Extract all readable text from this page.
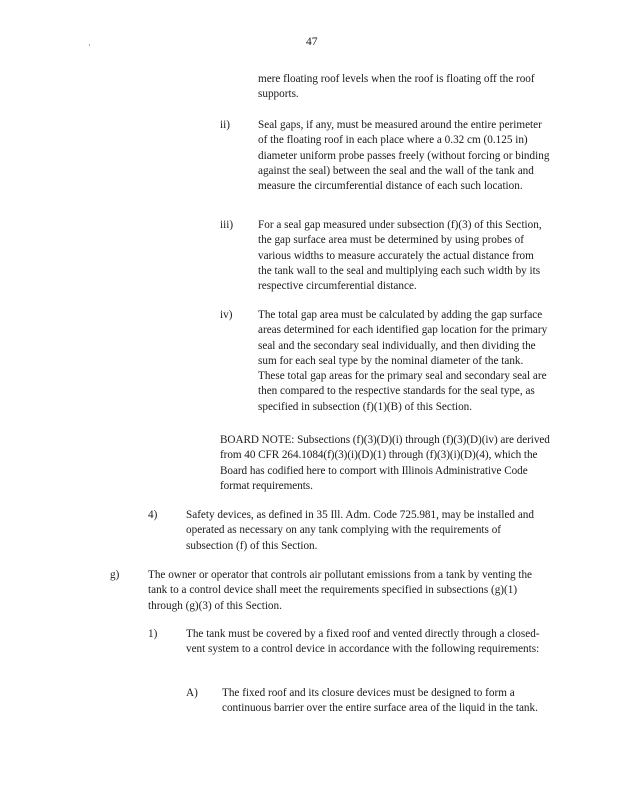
·	47

mere floating roof levels when the roof is floating off the roof supports.

ii)	Seal gaps, if any, must be measured around the entire perimeter of the floating roof in each place where a 0.32 cm (0.125 in) diameter uniform probe passes freely (without forcing or binding against the seal) between the seal and the wall of the tank and measure the circumferential distance of each such location.

iii) For a seal gap measured under subsection (f)(3) of this Section, the gap surface area must be determined by using probes of various widths to measure accurately the actual distance from the tank wall to the seal and multiplying each such width by its respective circumferential distance.

iv) The total gap area must be calculated by adding the gap surface areas determined for each identified gap location for the primary seal and the secondary seal individually, and then dividing the sum for each seal type by the nominal diameter of the tank. These total gap areas for the primary seal and secondary seal are then compared to the respective standards for the seal type, as specified in subsection (f)(1)(B) of this Section.

BOARD NOTE: Subsections (f)(3)(D)(i) through (f)(3)(D)(iv) are derived from 40 CFR 264.1084(f)(3)(i)(D)(1) through (f)(3)(i)(D)(4), which the Board has codified here to comport with Illinois Administrative Code format requirements.

4)	Safety devices, as defined in 35 Ill. Adm. Code 725.981, may be installed and operated as necessary on any tank complying with the requirements of subsection (f) of this Section.

g)	The owner or operator that controls air pollutant emissions from a tank by venting the tank to a control device shall meet the requirements specified in subsections (g)(1) through (g)(3) of this Section.

1)	The tank must be covered by a fixed roof and vented directly through a closed-vent system to a control device in accordance with the following requirements:

A) The fixed roof and its closure devices must be designed to form a continuous barrier over the entire surface area of the liquid in the tank.
